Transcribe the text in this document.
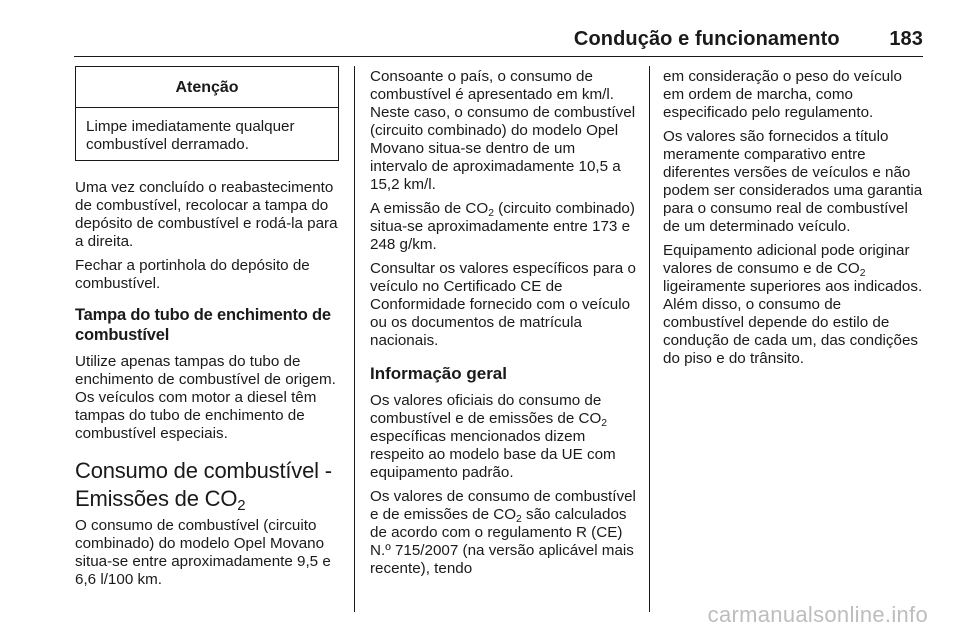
Condução e funcionamento 183
Atenção
Limpe imediatamente qualquer combustível derramado.

Uma vez concluído o reabastecimento de combustível, recolocar a tampa do depósito de combustível e rodá-la para a direita.

Fechar a portinhola do depósito de combustível.

Tampa do tubo de enchimento de combustível

Utilize apenas tampas do tubo de enchimento de combustível de origem. Os veículos com motor a diesel têm tampas do tubo de enchimento de combustível especiais.

Consumo de combustível -
Emissões de $CO_2$

O consumo de combustível (circuito combinado) do modelo Opel Movano situa-se entre aproximadamente 9,5 e 6,6 l/100 km.

Consoante o país, o consumo de combustível é apresentado em km/l. Neste caso, o consumo de combustível (circuito combinado) do modelo Opel Movano situa-se dentro de um intervalo de aproximadamente 10,5 a 15,2 km/l.

A emissão de $CO_2$ (circuito combinado) situa-se aproximadamente entre 173 e 248 g/km.

Consultar os valores específicos para o veículo no Certificado CE de Conformidade fornecido com o veículo ou os documentos de matrícula nacionais.

Informação geral

Os valores oficiais do consumo de combustível e de emissões de $CO_2$ específicas mencionados dizem respeito ao modelo base da UE com equipamento padrão.

Os valores de consumo de combustível e de emissões de $CO_2$ são calculados de acordo com o regulamento R (CE) N.º 715/2007 (na versão aplicável mais recente), tendo

em consideração o peso do veículo em ordem de marcha, como especificado pelo regulamento.

Os valores são fornecidos a título meramente comparativo entre diferentes versões de veículos e não podem ser considerados uma garantia para o consumo real de combustível de um determinado veículo.

Equipamento adicional pode originar valores de consumo e de $CO_2$ ligeiramente superiores aos indicados. Além disso, o consumo de combustível depende do estilo de condução de cada um, das condições do piso e do trânsito.

carmanualsonline.info
